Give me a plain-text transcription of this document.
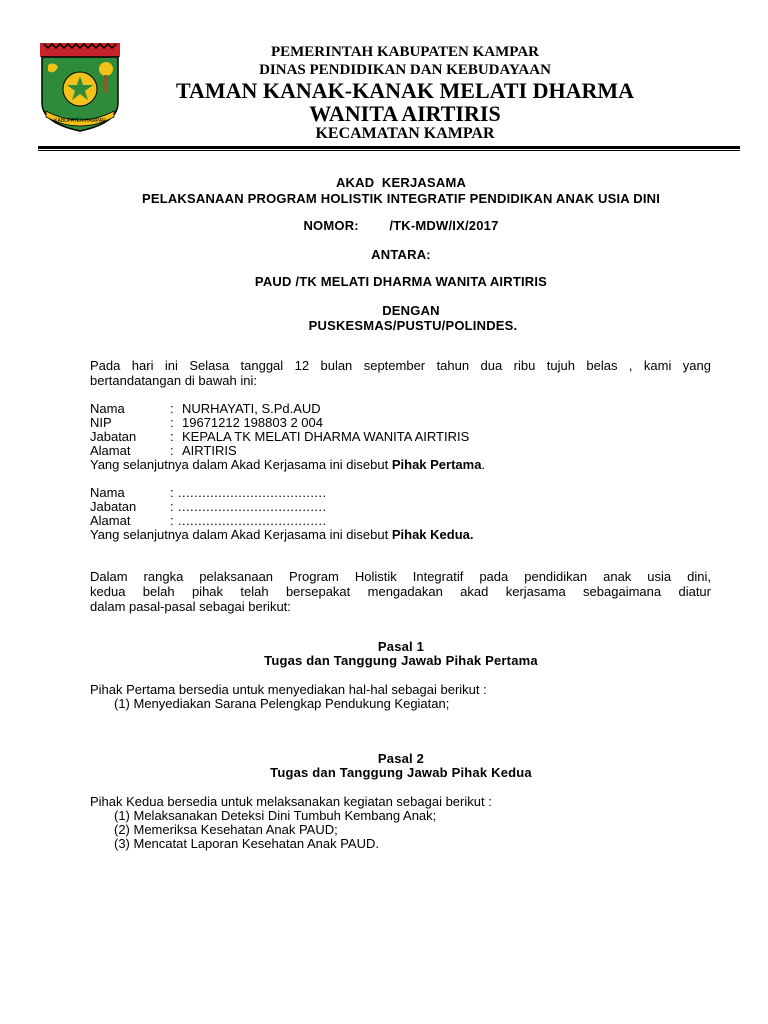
KABUPATEN KAMPAR
PEMERINTAH KABUPATEN KAMPAR
DINAS PENDIDIKAN DAN KEBUDAYAAN
TAMAN KANAK-KANAK MELATI DHARMA
WANITA AIRTIRIS
KECAMATAN KAMPAR
AKAD  KERJASAMA
PELAKSANAAN PROGRAM HOLISTIK INTEGRATIF PENDIDIKAN ANAK USIA DINI
NOMOR:        /TK-MDW/IX/2017
ANTARA:
PAUD /TK MELATI DHARMA WANITA AIRTIRIS
DENGAN
PUSKESMAS/PUSTU/POLINDES.
Pada hari ini Selasa tanggal 12 bulan september tahun dua ribu tujuh belas , kami yang
bertandatangan di bawah ini:
Nama	: NURHAYATI, S.Pd.AUD
NIP	: 19671212 198803 2 004
Jabatan	: KEPALA TK MELATI DHARMA WANITA AIRTIRIS
Alamat	: AIRTIRIS
Yang selanjutnya dalam Akad Kerjasama ini disebut Pihak Pertama.
Nama	: .....................................
Jabatan	: .....................................
Alamat	: .....................................
Yang selanjutnya dalam Akad Kerjasama ini disebut Pihak Kedua.
Dalam rangka pelaksanaan Program Holistik Integratif pada pendidikan anak usia dini,
kedua belah pihak telah bersepakat mengadakan akad kerjasama sebagaimana diatur
dalam pasal-pasal sebagai berikut:
Pasal 1
Tugas dan Tanggung Jawab Pihak Pertama
Pihak Pertama bersedia untuk menyediakan hal-hal sebagai berikut :
(1) Menyediakan Sarana Pelengkap Pendukung Kegiatan;
Pasal 2
Tugas dan Tanggung Jawab Pihak Kedua
Pihak Kedua bersedia untuk melaksanakan kegiatan sebagai berikut :
(1) Melaksanakan Deteksi Dini Tumbuh Kembang Anak;
(2) Memeriksa Kesehatan Anak PAUD;
(3) Mencatat Laporan Kesehatan Anak PAUD.
